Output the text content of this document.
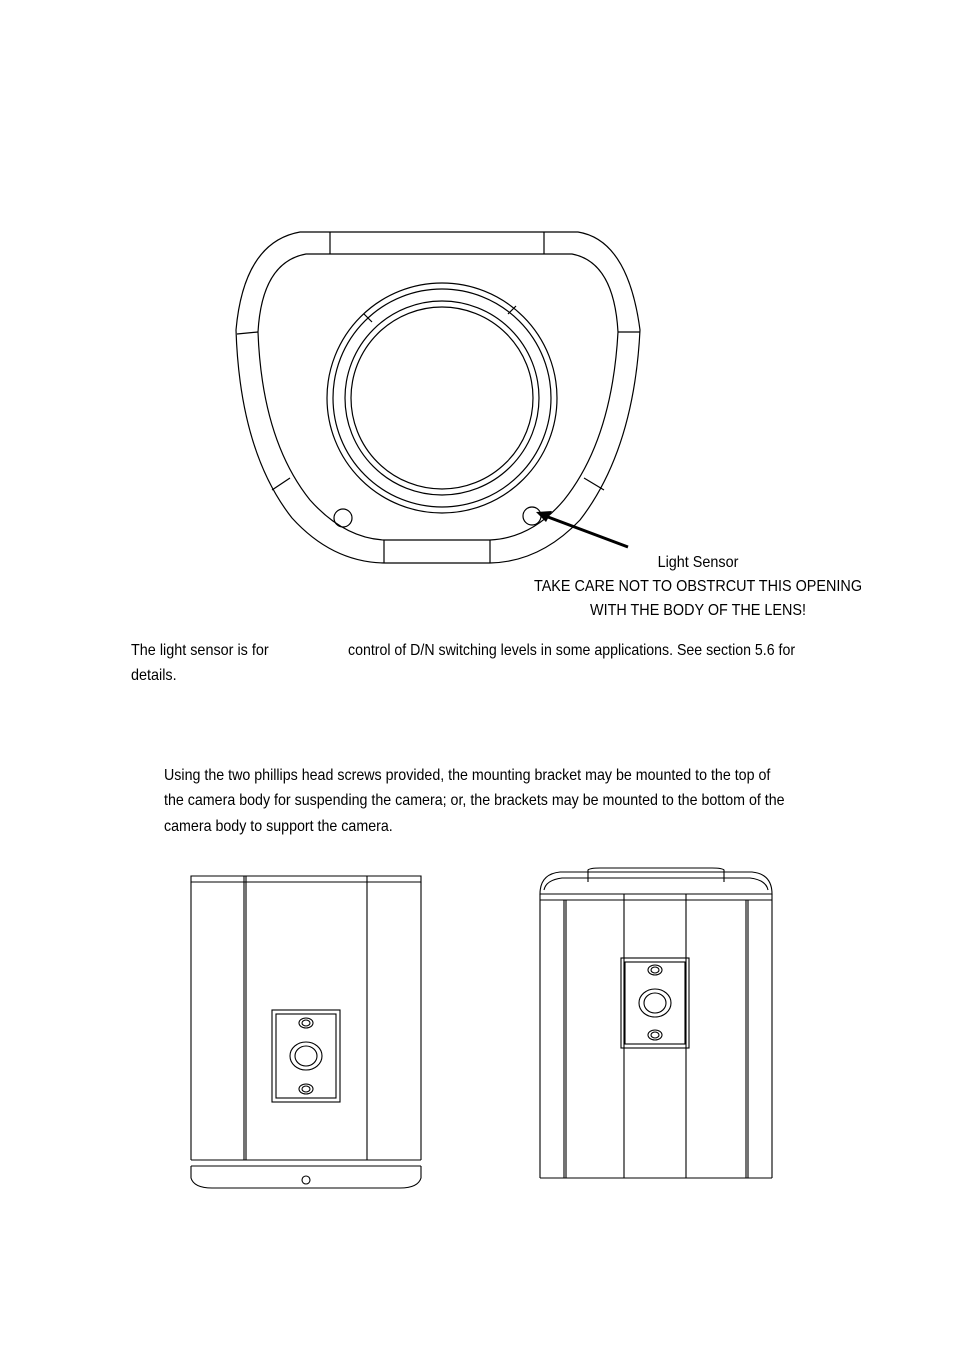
Light Sensor
TAKE CARE NOT TO OBSTRCUT THIS OPENING
WITH THE BODY OF THE LENS!
The light sensor is for	control of D/N switching levels in some applications. See section 5.6 for
details.
Using the two phillips head screws provided, the mounting bracket may be mounted to the top of
the camera body for suspending the camera; or, the brackets may be mounted to the bottom of the
camera body to support the camera.
